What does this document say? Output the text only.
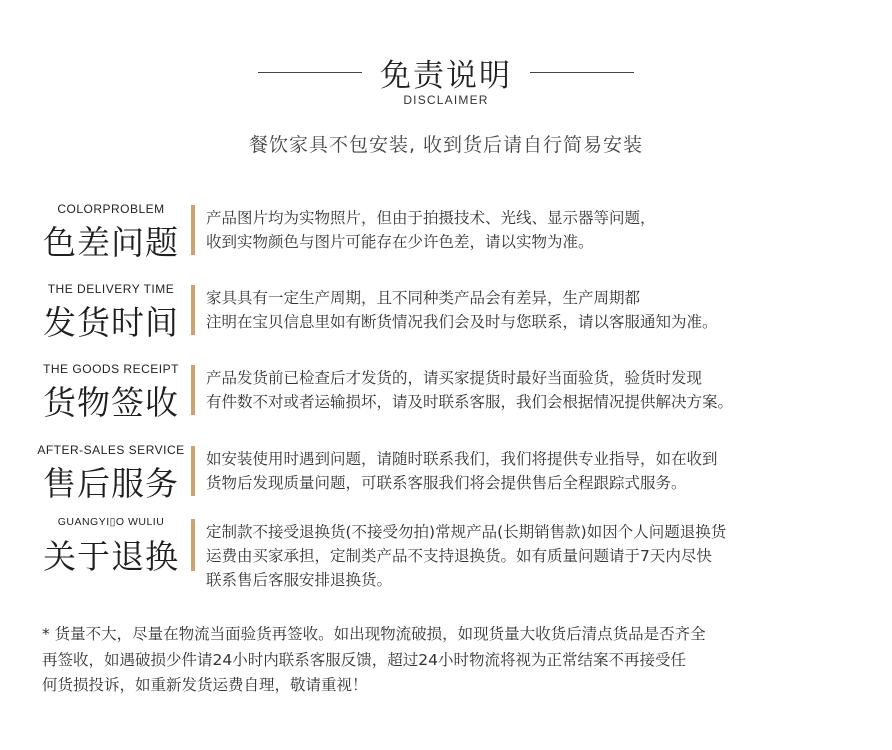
免责说明
DISCLAIMER
餐饮家具不包安装, 收到货后请自行简易安装
COLORPROBLEM
色差问题
产品图片均为实物照片，但由于拍摄技术、光线、显示器等问题，
收到实物颜色与图片可能存在少许色差，请以实物为准。
THE DELIVERY TIME
发货时间
家具具有一定生产周期，且不同种类产品会有差异，生产周期都
注明在宝贝信息里如有断货情况我们会及时与您联系，请以客服通知为准。
THE GOODS RECEIPT
货物签收
产品发货前已检查后才发货的，请买家提货时最好当面验货，验货时发现
有件数不对或者运输损坏，请及时联系客服，我们会根据情况提供解决方案。
AFTER-SALES SERVICE
售后服务
如安装使用时遇到问题，请随时联系我们，我们将提供专业指导，如在收到
货物后发现质量问题，可联系客服我们将会提供售后全程跟踪式服务。
GUANGYI▯O WULIU
关于退换
定制款不接受退换货(不接受勿拍)常规产品(长期销售款)如因个人问题退换货
运费由买家承担，定制类产品不支持退换货。如有质量问题请于7天内尽快
联系售后客服安排退换货。
* 货量不大，尽量在物流当面验货再签收。如出现物流破损，如现货量大收货后清点货品是否齐全
再签收，如遇破损少件请24小时内联系客服反馈，超过24小时物流将视为正常结案不再接受任
何货损投诉，如重新发货运费自理，敬请重视！
